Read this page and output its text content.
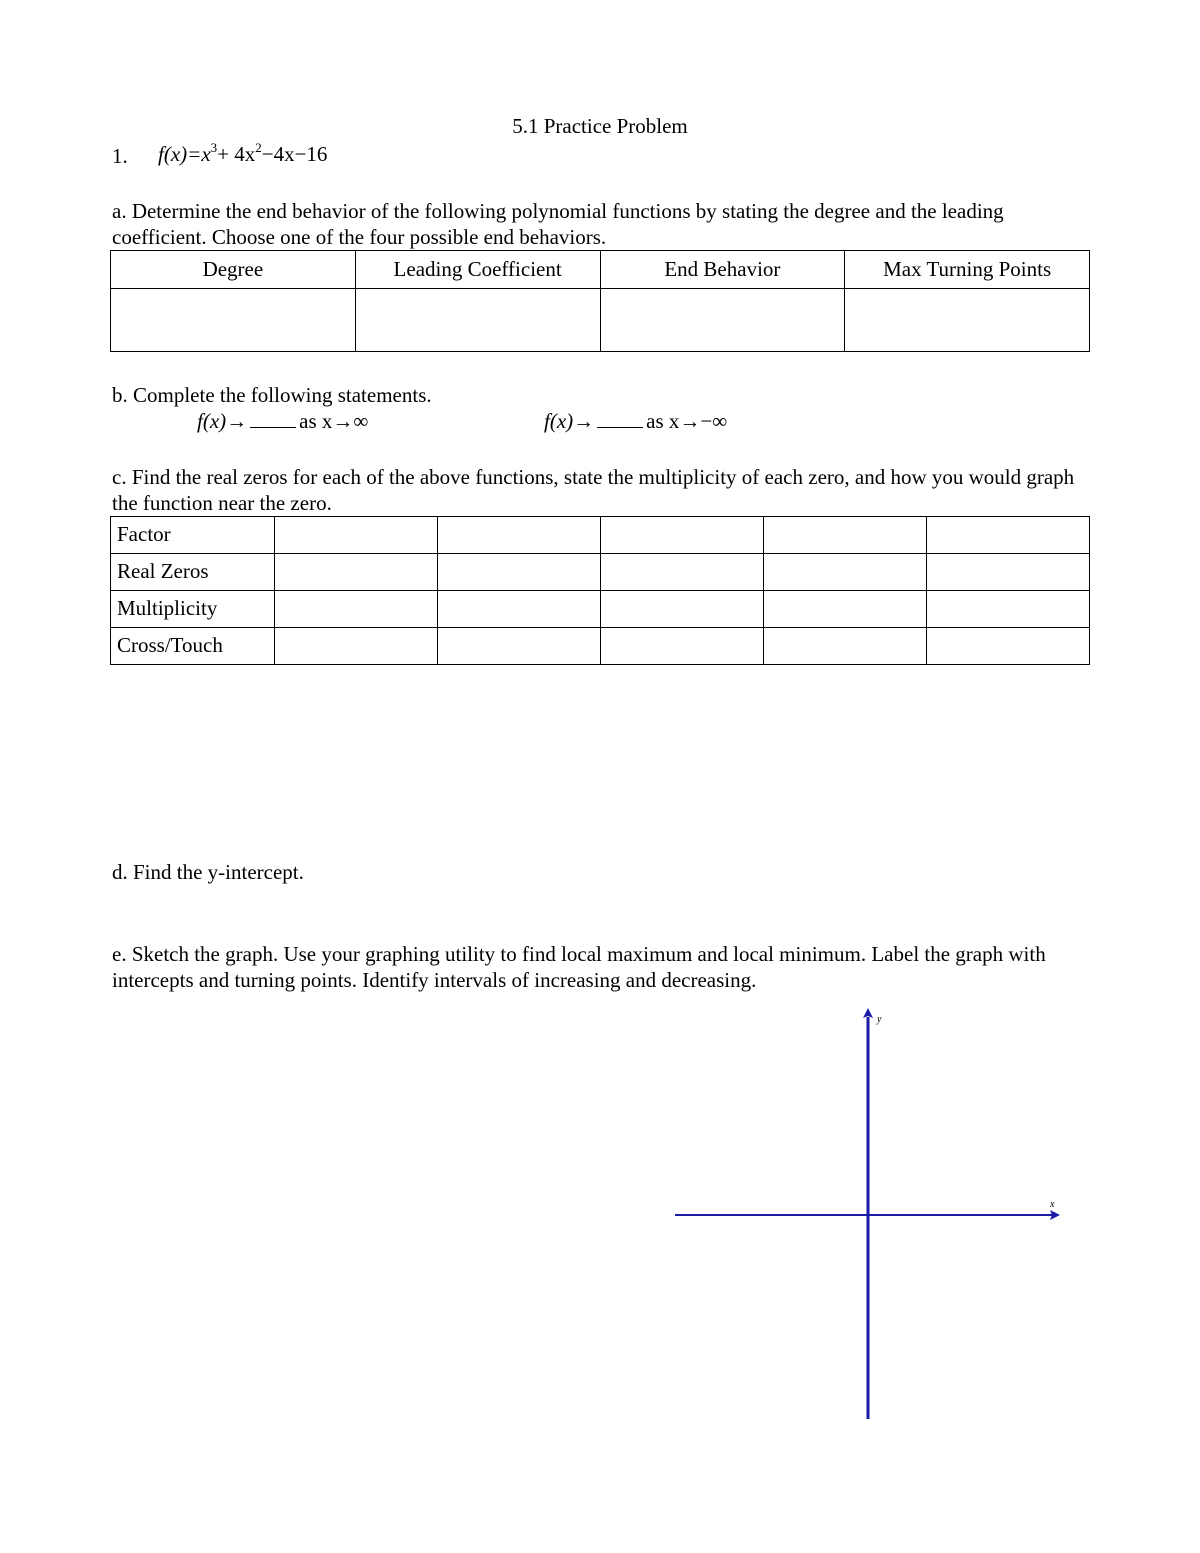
5.1 Practice Problem
1. $f(x)=x^3+ 4x^2-4x-16$
a. Determine the end behavior of the following polynomial functions by stating the degree and the leading coefficient. Choose one of the four possible end behaviors.
Degree	Leading Coefficient	End Behavior	Max Turning Points

b. Complete the following statements.
f(x)→ as x→∞	f(x)→ as x→−∞
c. Find the real zeros for each of the above functions, state the multiplicity of each zero, and how you would graph the function near the zero.
Factor					
Real Zeros					
Multiplicity					
Cross/Touch					
d. Find the y-intercept.
e. Sketch the graph. Use your graphing utility to find local maximum and local minimum. Label the graph with intercepts and turning points. Identify intervals of increasing and decreasing.
x
y
